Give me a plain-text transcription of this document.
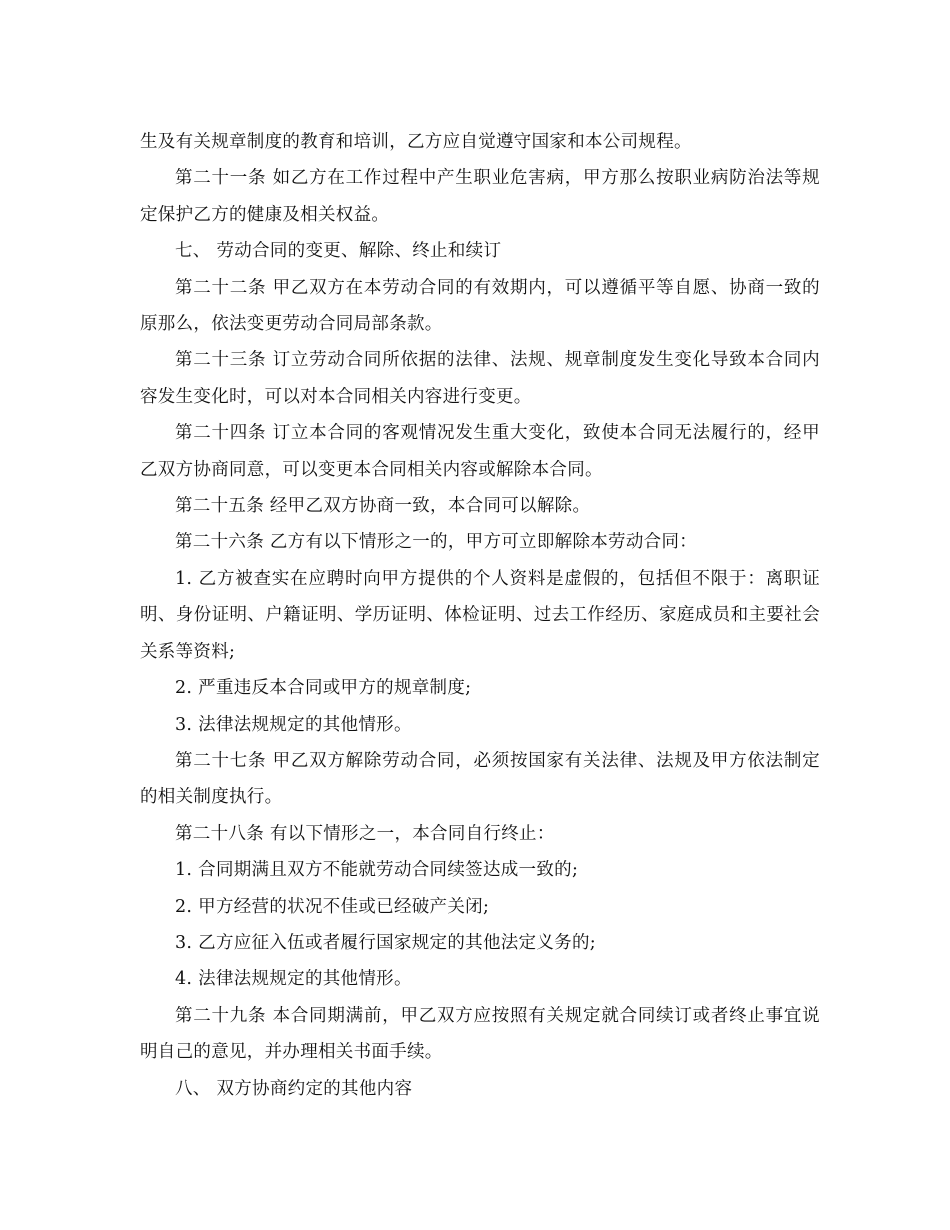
生及有关规章制度的教育和培训，乙方应自觉遵守国家和本公司规程。

第二十一条 如乙方在工作过程中产生职业危害病，甲方那么按职业病防治法等规定保护乙方的健康及相关权益。

七、 劳动合同的变更、解除、终止和续订

第二十二条 甲乙双方在本劳动合同的有效期内，可以遵循平等自愿、协商一致的原那么，依法变更劳动合同局部条款。

第二十三条 订立劳动合同所依据的法律、法规、规章制度发生变化导致本合同内容发生变化时，可以对本合同相关内容进行变更。

第二十四条 订立本合同的客观情况发生重大变化，致使本合同无法履行的，经甲乙双方协商同意，可以变更本合同相关内容或解除本合同。

第二十五条 经甲乙双方协商一致，本合同可以解除。

第二十六条 乙方有以下情形之一的，甲方可立即解除本劳动合同：

1. 乙方被查实在应聘时向甲方提供的个人资料是虚假的，包括但不限于：离职证明、身份证明、户籍证明、学历证明、体检证明、过去工作经历、家庭成员和主要社会关系等资料;

2. 严重违反本合同或甲方的规章制度;

3. 法律法规规定的其他情形。

第二十七条 甲乙双方解除劳动合同，必须按国家有关法律、法规及甲方依法制定的相关制度执行。

第二十八条 有以下情形之一，本合同自行终止：

1. 合同期满且双方不能就劳动合同续签达成一致的;

2. 甲方经营的状况不佳或已经破产关闭;

3. 乙方应征入伍或者履行国家规定的其他法定义务的;

4. 法律法规规定的其他情形。

第二十九条 本合同期满前，甲乙双方应按照有关规定就合同续订或者终止事宜说明自己的意见，并办理相关书面手续。

八、 双方协商约定的其他内容
